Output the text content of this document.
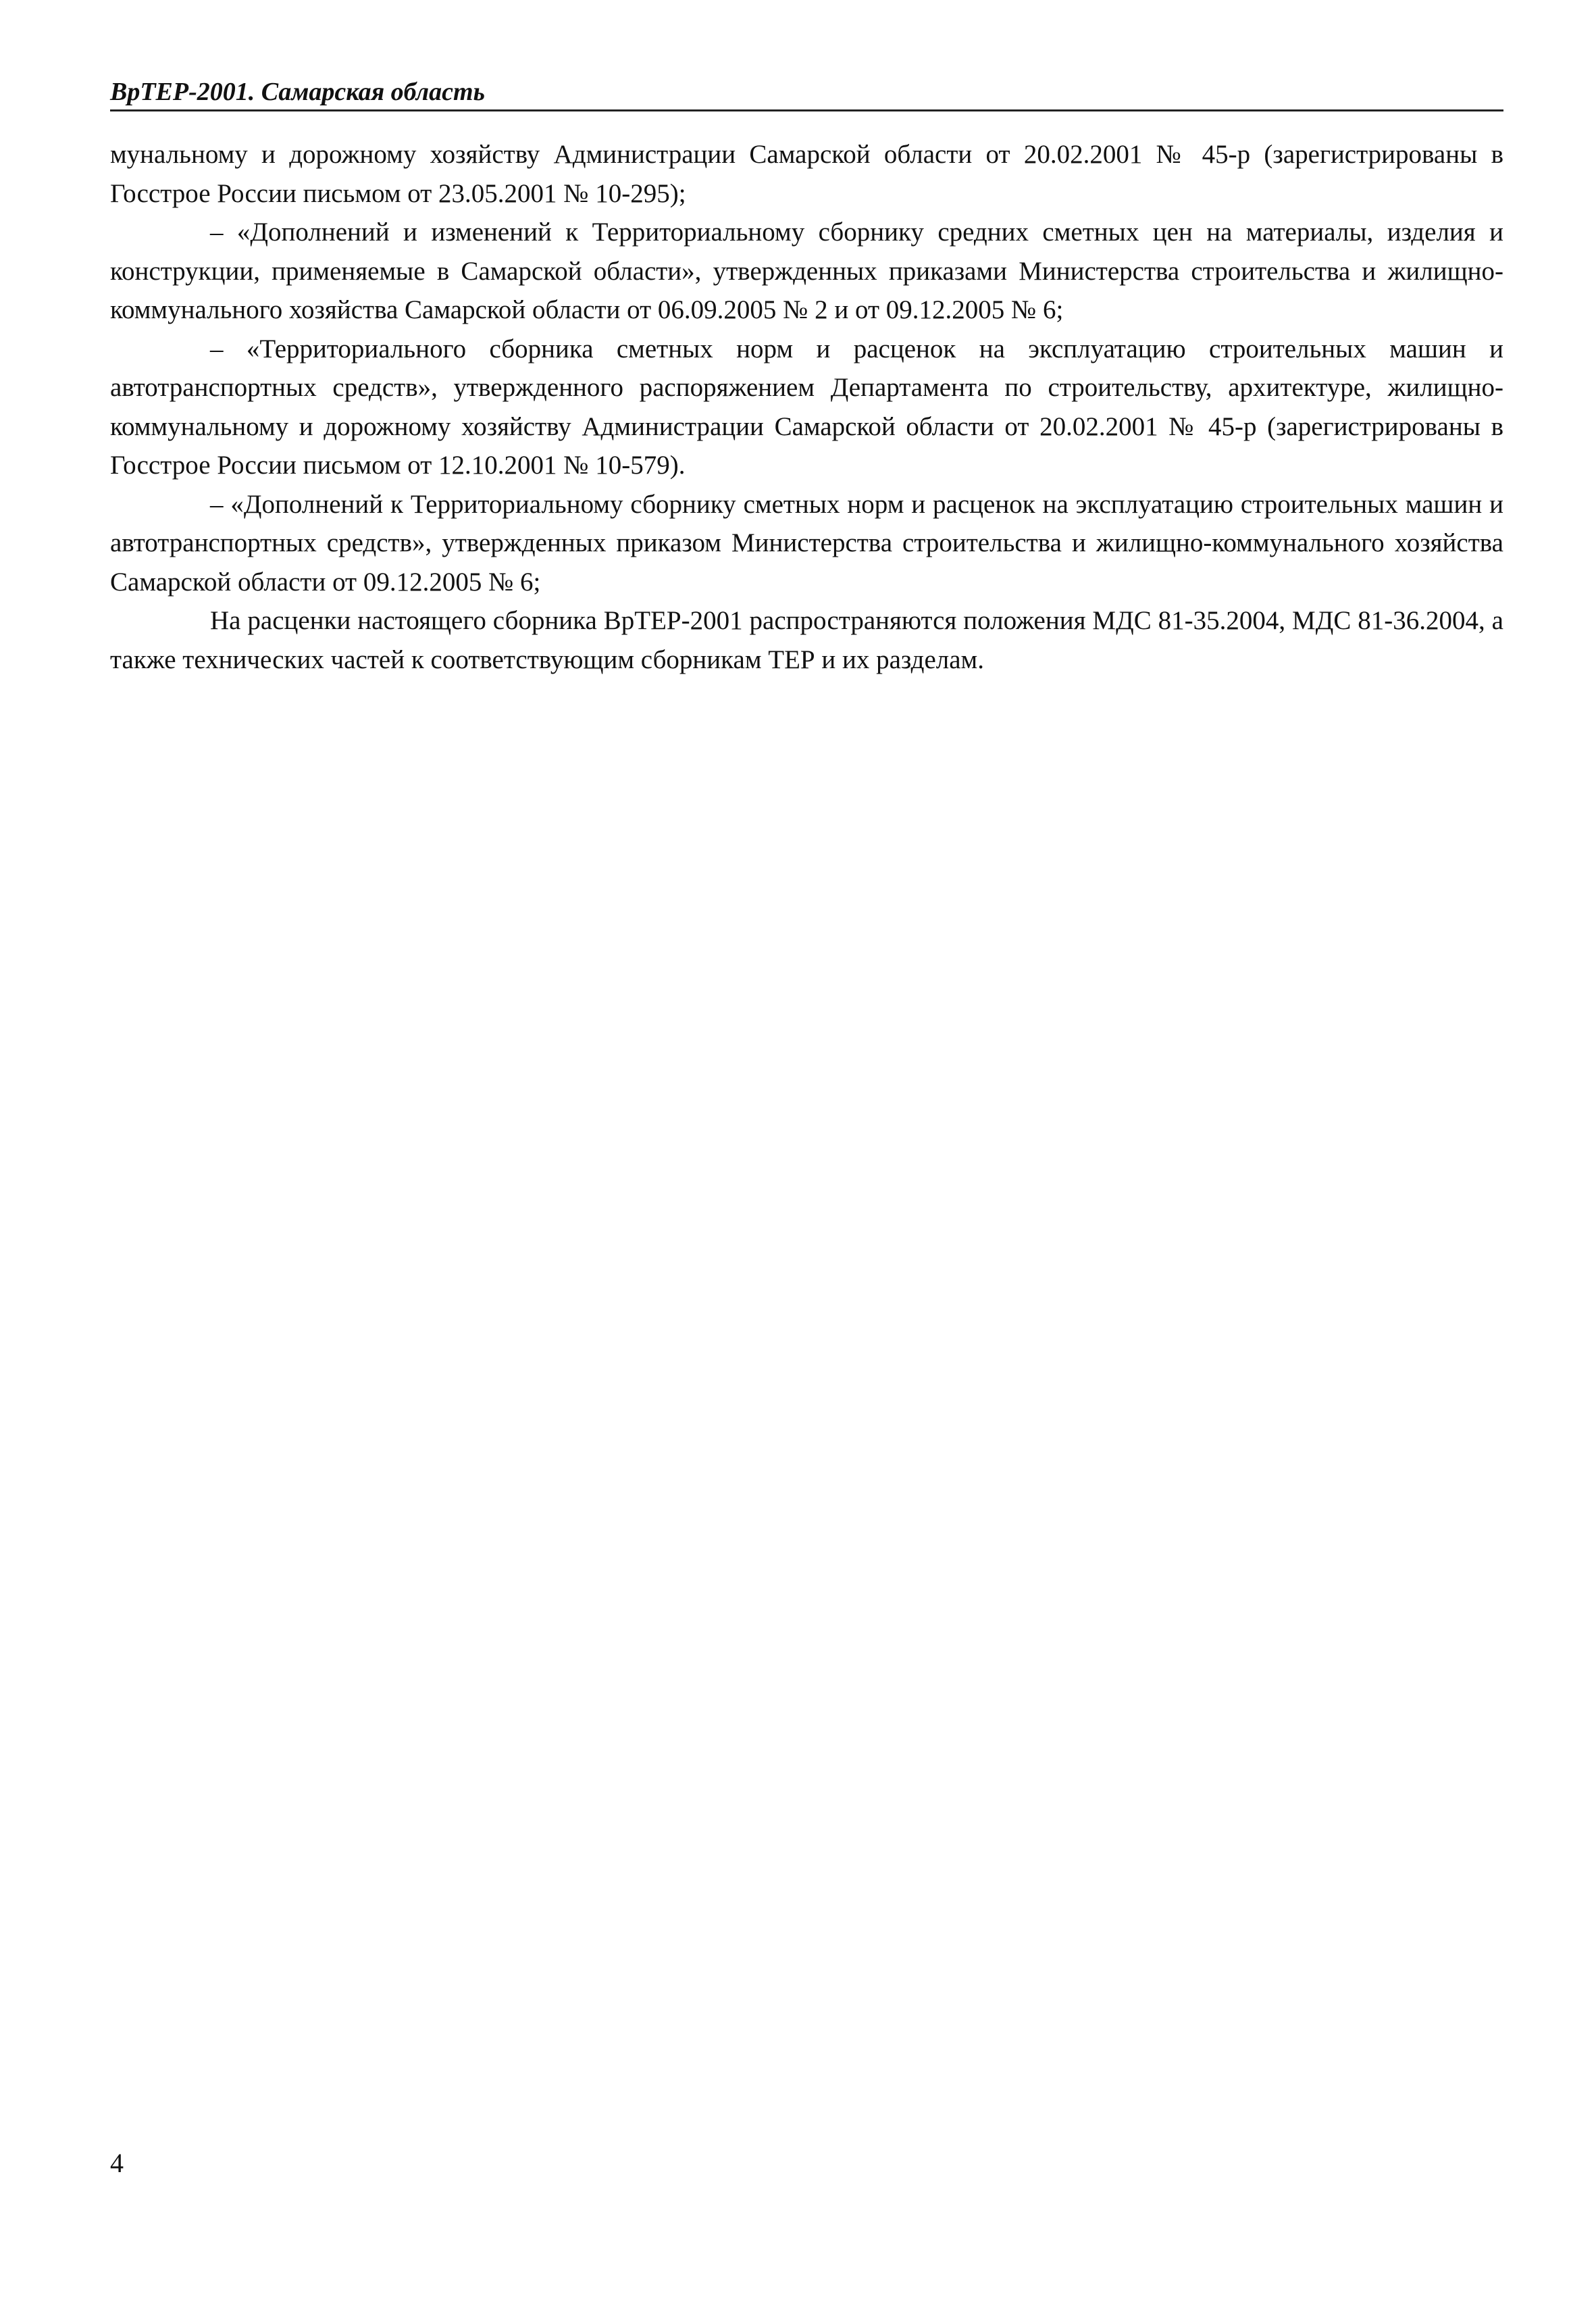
ВрТЕР-2001. Самарская область

мунальному и дорожному хозяйству Администрации Самарской области от 20.02.2001 № 45-р (зарегистрированы в Госстрое России письмом от 23.05.2001 № 10-295);

– «Дополнений и изменений к Территориальному сборнику средних сметных цен на материалы, изделия и конструкции, применяемые в Самарской области», утвержденных приказами Министерства строительства и жилищно-коммунального хозяйства Самарской области от 06.09.2005 № 2 и от 09.12.2005 № 6;

– «Территориального сборника сметных норм и расценок на эксплуатацию строительных машин и автотранспортных средств», утвержденного распоряжением Департамента по строительству, архитектуре, жилищно-коммунальному и дорожному хозяйству Администрации Самарской области от 20.02.2001 № 45-р (зарегистрированы в Госстрое России письмом от 12.10.2001 № 10-579).

– «Дополнений к Территориальному сборнику сметных норм и расценок на эксплуатацию строительных машин и автотранспортных средств», утвержденных приказом Министерства строительства и жилищно-коммунального хозяйства Самарской области от 09.12.2005 № 6;

На расценки настоящего сборника ВрТЕР-2001 распространяются положения МДС 81-35.2004, МДС 81-36.2004, а также технических частей к соответствующим сборникам ТЕР и их разделам.

4
